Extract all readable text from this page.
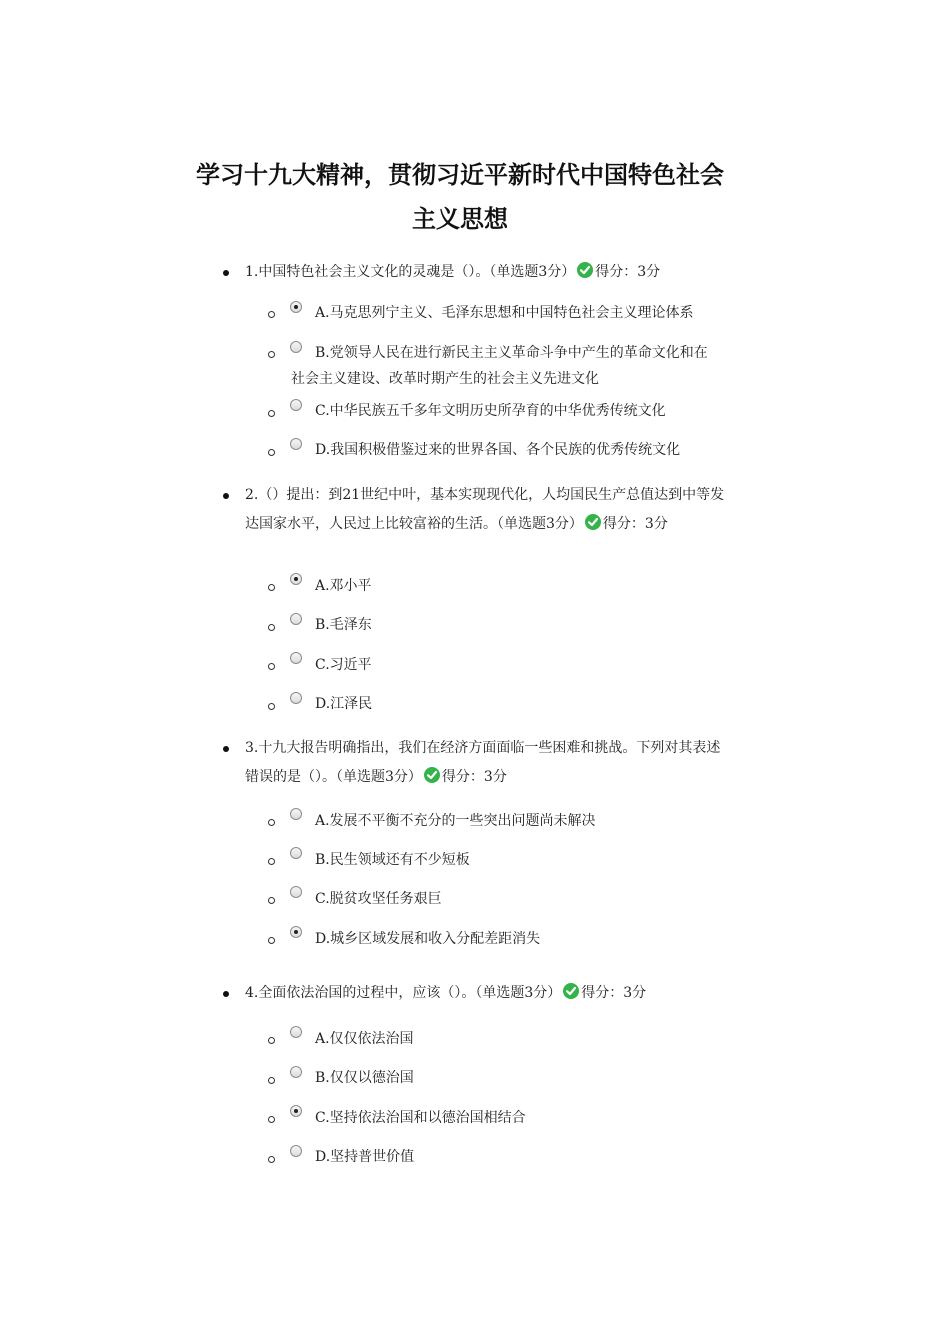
学习十九大精神，贯彻习近平新时代中国特色社会主义思想
1.中国特色社会主义文化的灵魂是（）。（单选题3分） 得分：3分
A.马克思列宁主义、毛泽东思想和中国特色社会主义理论体系
B.党领导人民在进行新民主主义革命斗争中产生的革命文化和在社会主义建设、改革时期产生的社会主义先进文化
C.中华民族五千多年文明历史所孕育的中华优秀传统文化
D.我国积极借鉴过来的世界各国、各个民族的优秀传统文化
2.（）提出：到21世纪中叶，基本实现现代化，人均国民生产总值达到中等发达国家水平，人民过上比较富裕的生活。（单选题3分） 得分：3分
A.邓小平
B.毛泽东
C.习近平
D.江泽民
3.十九大报告明确指出，我们在经济方面面临一些困难和挑战。下列对其表述错误的是（）。（单选题3分） 得分：3分
A.发展不平衡不充分的一些突出问题尚未解决
B.民生领域还有不少短板
C.脱贫攻坚任务艰巨
D.城乡区域发展和收入分配差距消失
4.全面依法治国的过程中，应该（）。（单选题3分） 得分：3分
A.仅仅依法治国
B.仅仅以德治国
C.坚持依法治国和以德治国相结合
D.坚持普世价值
